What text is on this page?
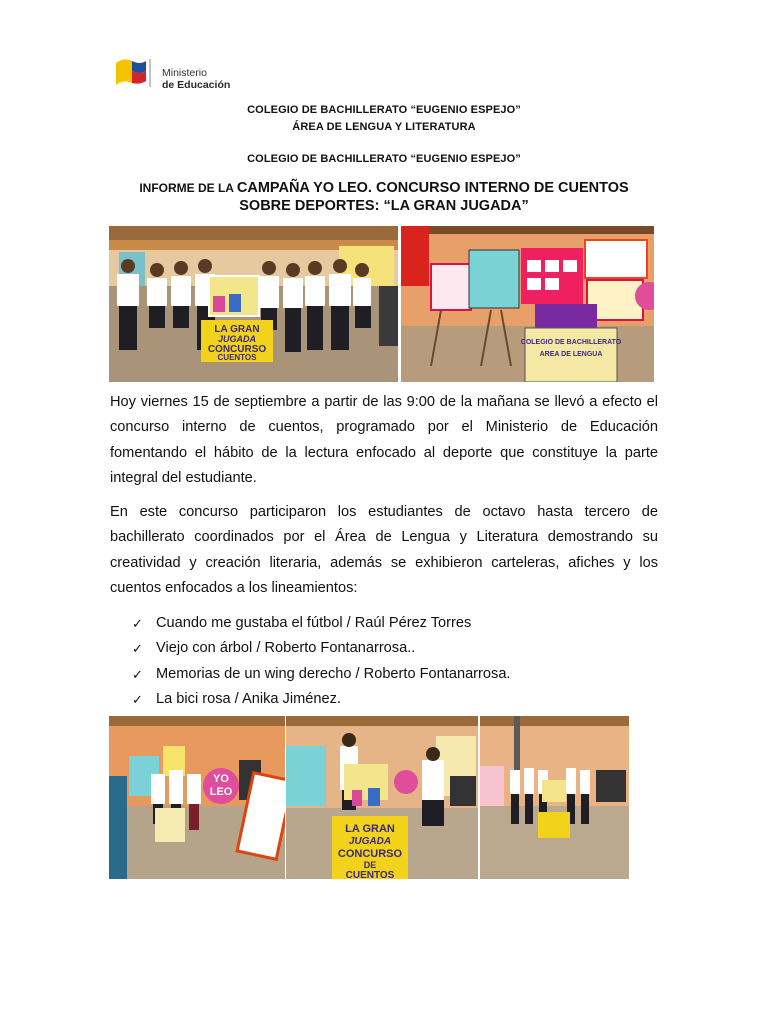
Ministerio
de Educación
COLEGIO DE BACHILLERATO “EUGENIO ESPEJO”
ÁREA DE LENGUA Y LITERATURA
COLEGIO DE BACHILLERATO “EUGENIO ESPEJO”
INFORME DE LA CAMPAÑA YO LEO. CONCURSO INTERNO DE CUENTOS
SOBRE DEPORTES: “LA GRAN JUGADA”
LA GRAN
JUGADA
CONCURSO
CUENTOS
COLEGIO DE BACHILLERATO
AREA DE LENGUA
Hoy viernes 15 de septiembre a partir de las 9:00 de la mañana se llevó a efecto el concurso interno de cuentos, programado por el Ministerio de Educación fomentando el hábito de la lectura enfocado al deporte que constituye la parte integral del estudiante.
En este concurso participaron los estudiantes de octavo hasta tercero de bachillerato coordinados por el Área de Lengua y Literatura demostrando su creatividad y creación literaria, además se exhibieron carteleras, afiches y los cuentos enfocados a los lineamientos:
✓ Cuando me gustaba el fútbol / Raúl Pérez Torres
✓ Viejo con árbol / Roberto Fontanarrosa..
✓ Memorias de un wing derecho / Roberto Fontanarrosa.
✓ La bici rosa / Anika Jiménez.
YO
LEO
LA GRAN
JUGADA
CONCURSO
DE
CUENTOS
